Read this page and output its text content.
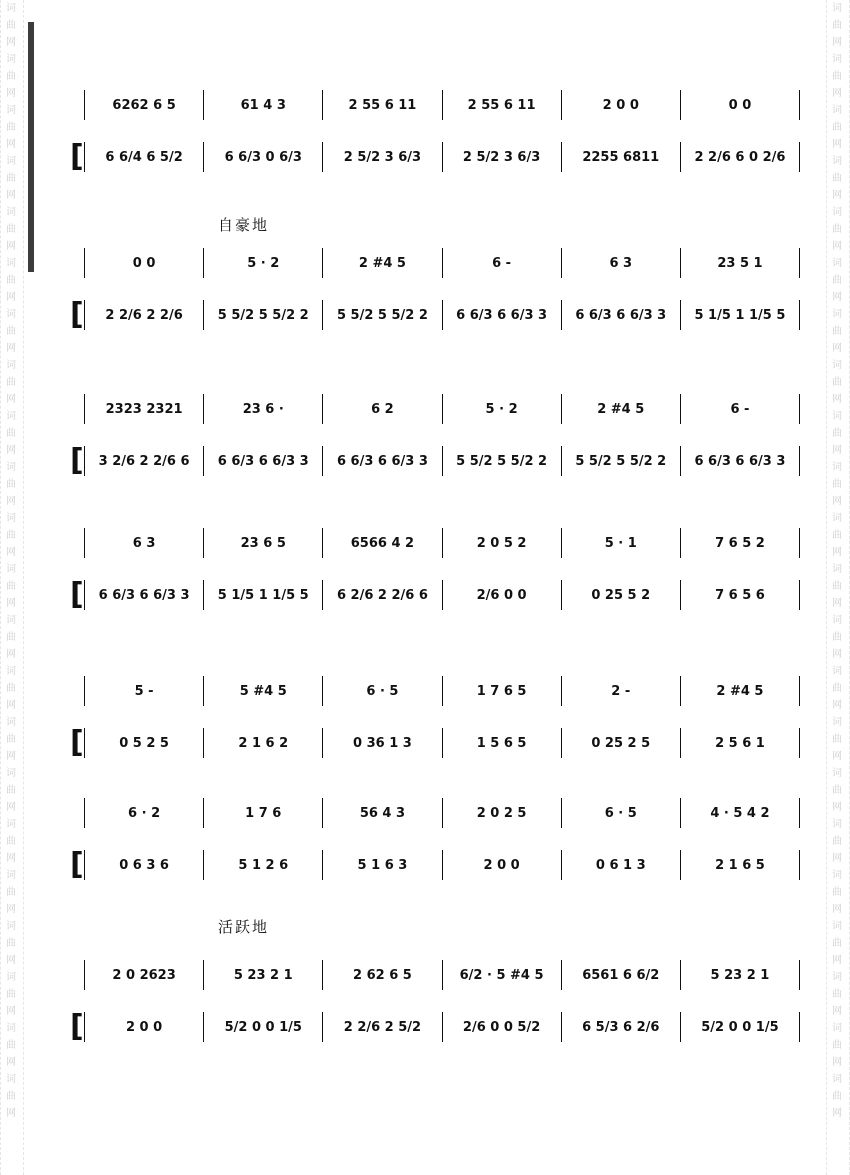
词曲网词曲网词曲网词曲网词曲网词曲网词曲网词曲网词曲网词曲网词曲网词曲网词曲网词曲网词曲网词曲网词曲网词曲网词曲网词曲网词曲网词曲网
词曲网词曲网词曲网词曲网词曲网词曲网词曲网词曲网词曲网词曲网词曲网词曲网词曲网词曲网词曲网词曲网词曲网词曲网词曲网词曲网词曲网词曲网
自豪地
活跃地
[
6262 6 5	61 4 3	2 55 6 11	2 55 6 11	2 0 0	0 0
6 6/4 6 5/2	6 6/3 0 6/3	2 5/2 3 6/3	2 5/2 3 6/3	2255 6811	2 2/6 6 0 2/6
[
0 0	5 · 2	2 #4 5	6 -	6 3	23 5 1
2 2/6 2 2/6	5 5/2 5 5/2 2	5 5/2 5 5/2 2	6 6/3 6 6/3 3	6 6/3 6 6/3 3	5 1/5 1 1/5 5
[
2323 2321	23 6 ·	6 2	5 · 2	2 #4 5	6 -
3 2/6 2 2/6 6	6 6/3 6 6/3 3	6 6/3 6 6/3 3	5 5/2 5 5/2 2	5 5/2 5 5/2 2	6 6/3 6 6/3 3
[
6 3	23 6 5	6566 4 2	2 0 5 2	5 · 1	7 6 5 2
6 6/3 6 6/3 3	5 1/5 1 1/5 5	6 2/6 2 2/6 6	2/6 0 0	0 25 5 2	7 6 5 6
[
5 -	5 #4 5	6 · 5	1 7 6 5	2 -	2 #4 5
0 5 2 5	2 1 6 2	0 36 1 3	1 5 6 5	0 25 2 5	2 5 6 1
[
6 · 2	1 7 6	56 4 3	2 0 2 5	6 · 5	4 · 5 4 2
0 6 3 6	5 1 2 6	5 1 6 3	2 0 0	0 6 1 3	2 1 6 5
[
2 0 2623	5 23 2 1	2 62 6 5	6/2 · 5 #4 5	6561 6 6/2	5 23 2 1
2 0 0	5/2 0 0 1/5	2 2/6 2 5/2	2/6 0 0 5/2	6 5/3 6 2/6	5/2 0 0 1/5
